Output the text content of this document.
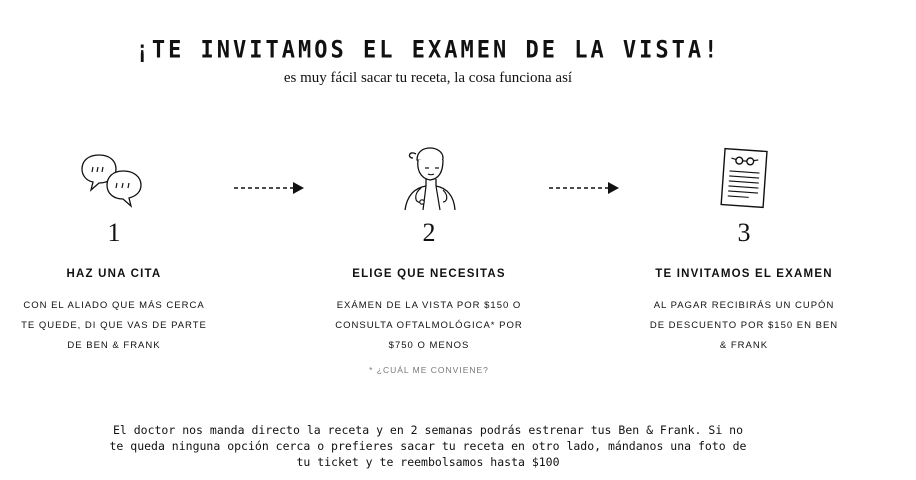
¡TE INVITAMOS EL EXAMEN DE LA VISTA!
es muy fácil sacar tu receta, la cosa funciona así
1
HAZ UNA CITA
CON EL ALIADO QUE MÁS CERCA TE QUEDE, DI QUE VAS DE PARTE DE BEN & FRANK
2
ELIGE QUE NECESITAS
EXÁMEN DE LA VISTA POR $150 O CONSULTA OFTALMOLÓGICA* POR $750 O MENOS
3
TE INVITAMOS EL EXAMEN
AL PAGAR RECIBIRÁS UN CUPÓN DE DESCUENTO POR $150 EN BEN & FRANK
* ¿CUÁL ME CONVIENE?
El doctor nos manda directo la receta y en 2 semanas podrás estrenar tus Ben & Frank. Si no te queda ninguna opción cerca o prefieres sacar tu receta en otro lado, mándanos una foto de tu ticket y te reembolsamos hasta $100
